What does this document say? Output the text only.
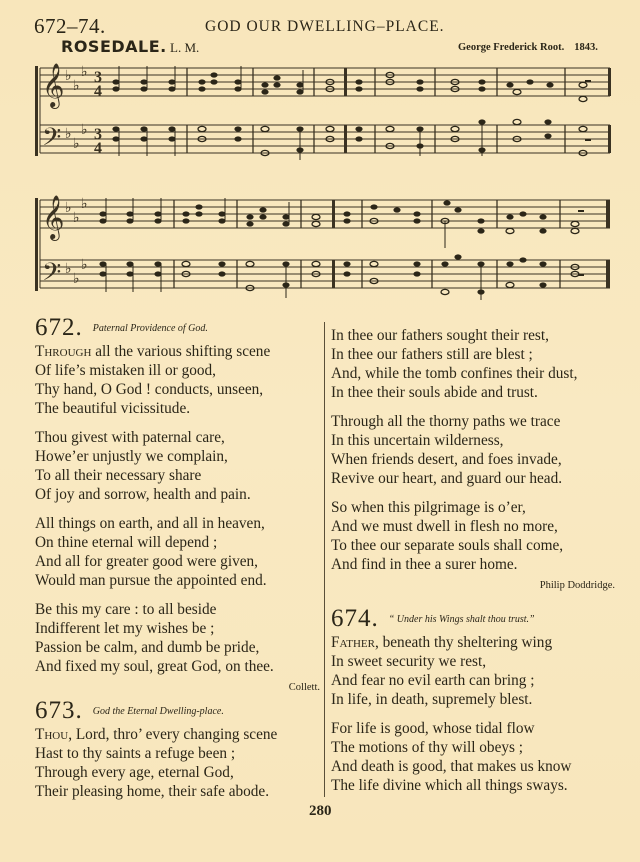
672–74.	GOD OUR DWELLING–PLACE.
ROSEDALE. L. M.	George Frederick Root. 1843.
𝄞
𝄢
♭
♭
♭
♭
♭
♭
3
4
3
4
𝄞
𝄢
♭
♭
♭
♭
♭
♭
672. $^{Paternal Providence of God.}$
Through all the various shifting scene
Of life’s mistaken ill or good,
Thy hand, O God ! conducts, unseen,
The beautiful vicissitude.
Thou givest with paternal care,
Howe’er unjustly we complain,
To all their necessary share
Of joy and sorrow, health and pain.
All things on earth, and all in heaven,
On thine eternal will depend ;
And all for greater good were given,
Would man pursue the appointed end.
Be this my care : to all beside
Indifferent let my wishes be ;
Passion be calm, and dumb be pride,
And fixed my soul, great God, on thee.
Collett.
673. $^{God the Eternal Dwelling-place.}$
Thou, Lord, thro’ every changing scene
Hast to thy saints a refuge been ;
Through every age, eternal God,
Their pleasing home, their safe abode.
In thee our fathers sought their rest,
In thee our fathers still are blest ;
And, while the tomb confines their dust,
In thee their souls abide and trust.
Through all the thorny paths we trace
In this uncertain wilderness,
When friends desert, and foes invade,
Revive our heart, and guard our head.
So when this pilgrimage is o’er,
And we must dwell in flesh no more,
To thee our separate souls shall come,
And find in thee a surer home.
Philip Doddridge.
674. $^{“ Under his Wings shalt thou trust.”}$
Father, beneath thy sheltering wing
In sweet security we rest,
And fear no evil earth can bring ;
In life, in death, supremely blest.
For life is good, whose tidal flow
The motions of thy will obeys ;
And death is good, that makes us know
The life divine which all things sways.
280
